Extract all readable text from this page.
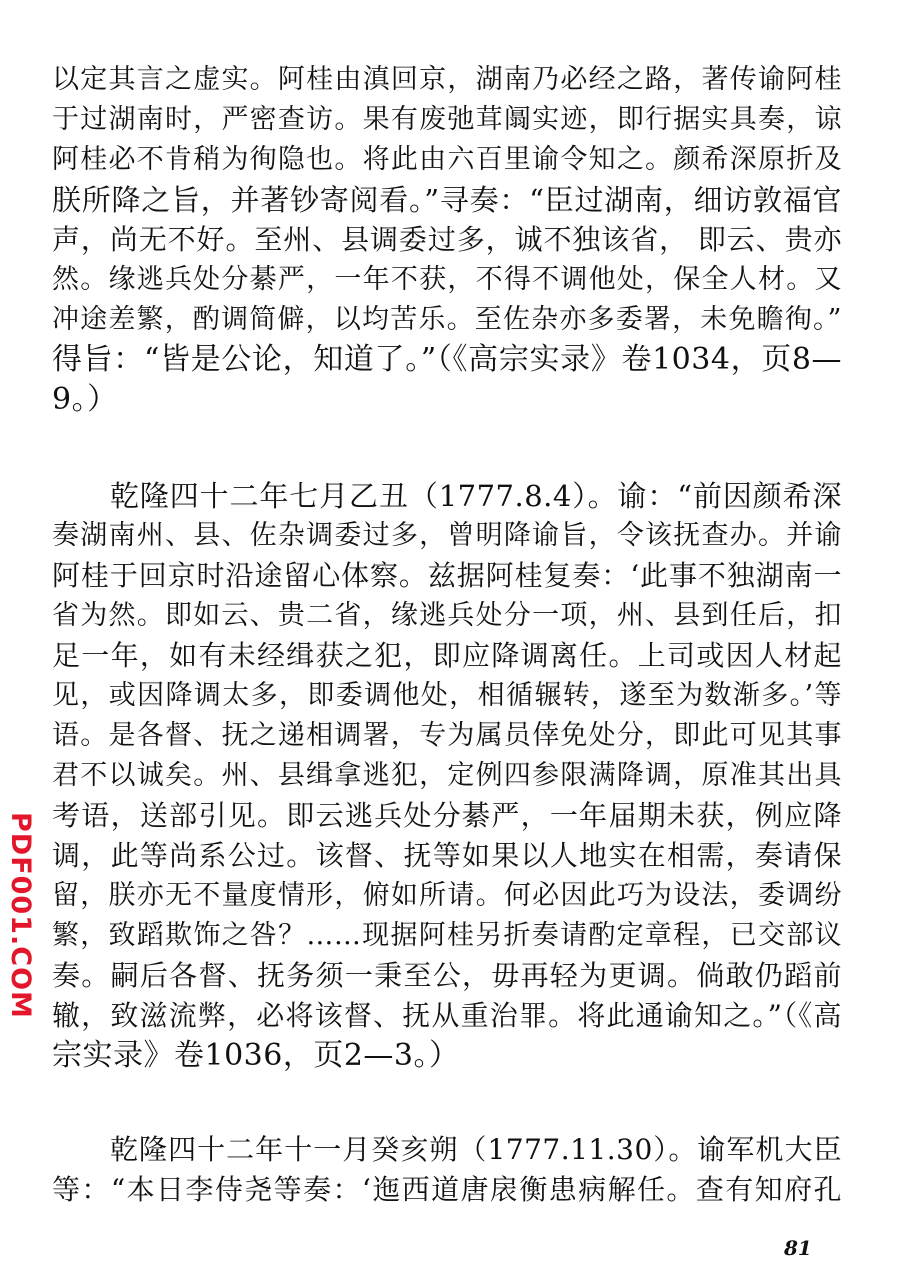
以定其言之虚实。阿桂由滇回京，湖南乃必经之路，著传谕阿桂
于过湖南时，严密查访。果有废弛茸阘实迹，即行据实具奏，谅
阿桂必不肯稍为徇隐也。将此由六百里谕令知之。颜希深原折及
朕所降之旨，并著钞寄阅看。”寻奏：“臣过湖南，细访敦福官
声，尚无不好。至州、县调委过多，诚不独该省， 即云、贵亦
然。缘逃兵处分綦严，一年不获，不得不调他处，保全人材。又
冲途差繁，酌调简僻，以均苦乐。至佐杂亦多委署，未免瞻徇。”
得旨：“皆是公论，知道了。”（《高宗实录》卷1034，页8—
9。）
乾隆四十二年七月乙丑（1777.8.4）。谕：“前因颜希深
奏湖南州、县、佐杂调委过多，曾明降谕旨，令该抚查办。并谕
阿桂于回京时沿途留心体察。兹据阿桂复奏：‘此事不独湖南一
省为然。即如云、贵二省，缘逃兵处分一项，州、县到任后，扣
足一年，如有未经缉获之犯，即应降调离任。上司或因人材起
见，或因降调太多，即委调他处，相循辗转，遂至为数渐多。’等
语。是各督、抚之递相调署，专为属员倖免处分，即此可见其事
君不以诚矣。州、县缉拿逃犯，定例四参限满降调，原准其出具
考语，送部引见。即云逃兵处分綦严，一年届期未获，例应降
调，此等尚系公过。该督、抚等如果以人地实在相需，奏请保
留，朕亦无不量度情形，俯如所请。何必因此巧为设法，委调纷
繁，致蹈欺饰之咎？……现据阿桂另折奏请酌定章程，已交部议
奏。嗣后各督、抚务须一秉至公，毋再轻为更调。倘敢仍蹈前
辙，致滋流弊，必将该督、抚从重治罪。将此通谕知之。”（《高
宗实录》卷1036，页2—3。）
乾隆四十二年十一月癸亥朔（1777.11.30）。谕军机大臣
等：“本日李侍尧等奏：‘迤西道唐扆衡患病解任。查有知府孔
PDF001.COM
81
